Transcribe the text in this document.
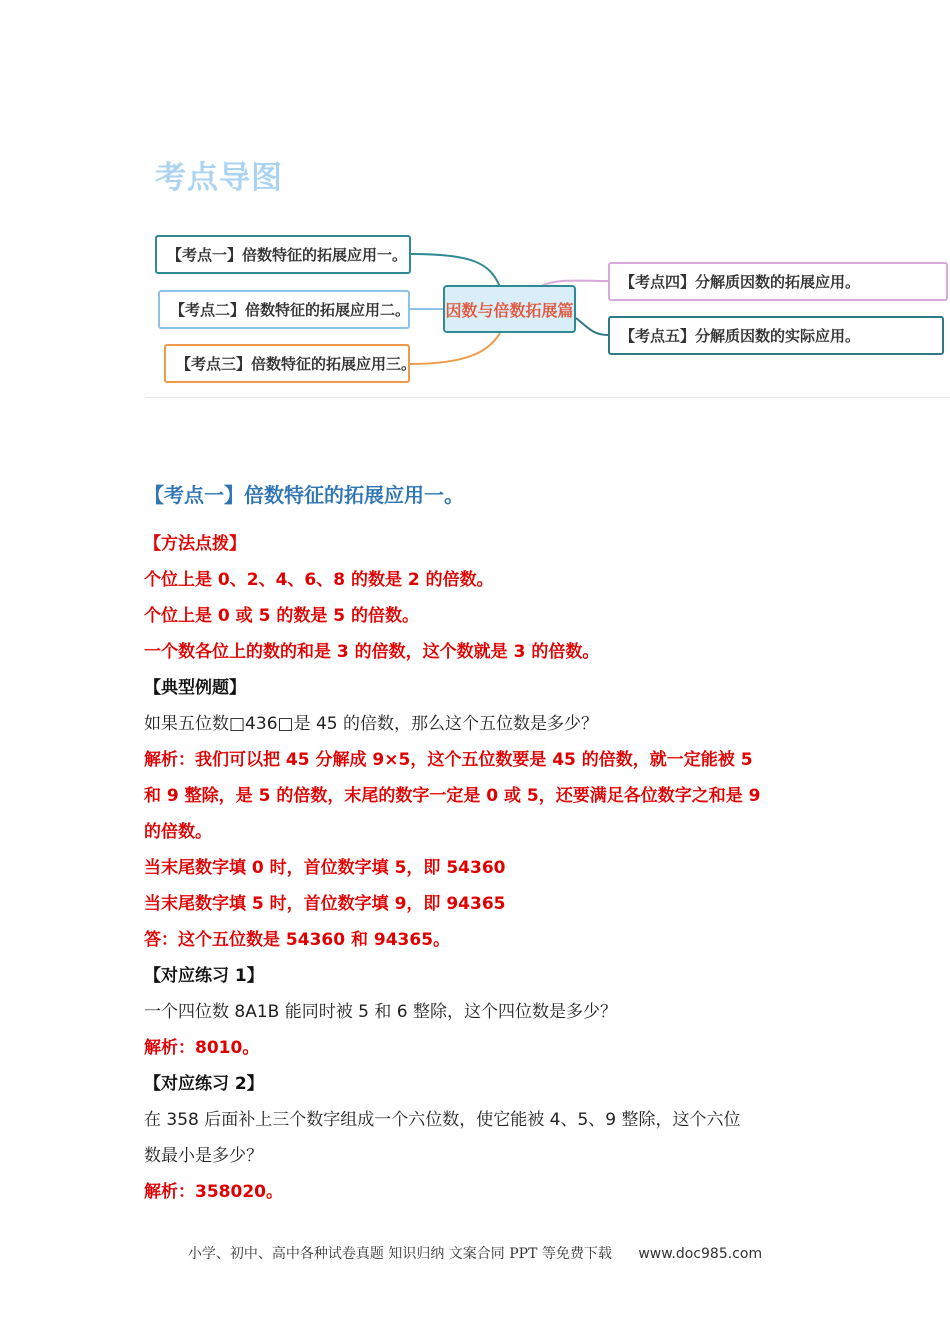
考点导图
【考点一】倍数特征的拓展应用一。
【考点二】倍数特征的拓展应用二。
【考点三】倍数特征的拓展应用三。
因数与倍数拓展篇
【考点四】分解质因数的拓展应用。
【考点五】分解质因数的实际应用。
【考点一】倍数特征的拓展应用一。
【方法点拨】
个位上是 0、2、4、6、8 的数是 2 的倍数。
个位上是 0 或 5 的数是 5 的倍数。
一个数各位上的数的和是 3 的倍数，这个数就是 3 的倍数。
【典型例题】
如果五位数□436□是 45 的倍数，那么这个五位数是多少？
解析：我们可以把 45 分解成 9×5，这个五位数要是 45 的倍数，就一定能被 5
和 9 整除，是 5 的倍数，末尾的数字一定是 0 或 5，还要满足各位数字之和是 9
的倍数。
当末尾数字填 0 时，首位数字填 5，即 54360
当末尾数字填 5 时，首位数字填 9，即 94365
答：这个五位数是 54360 和 94365。
【对应练习 1】
一个四位数 8A1B 能同时被 5 和 6 整除，这个四位数是多少？
解析：8010。
【对应练习 2】
在 358 后面补上三个数字组成一个六位数，使它能被 4、5、9 整除，这个六位
数最小是多少？
解析：358020。
小学、初中、高中各种试卷真题 知识归纳 文案合同 PPT 等免费下载 www.doc985.com
